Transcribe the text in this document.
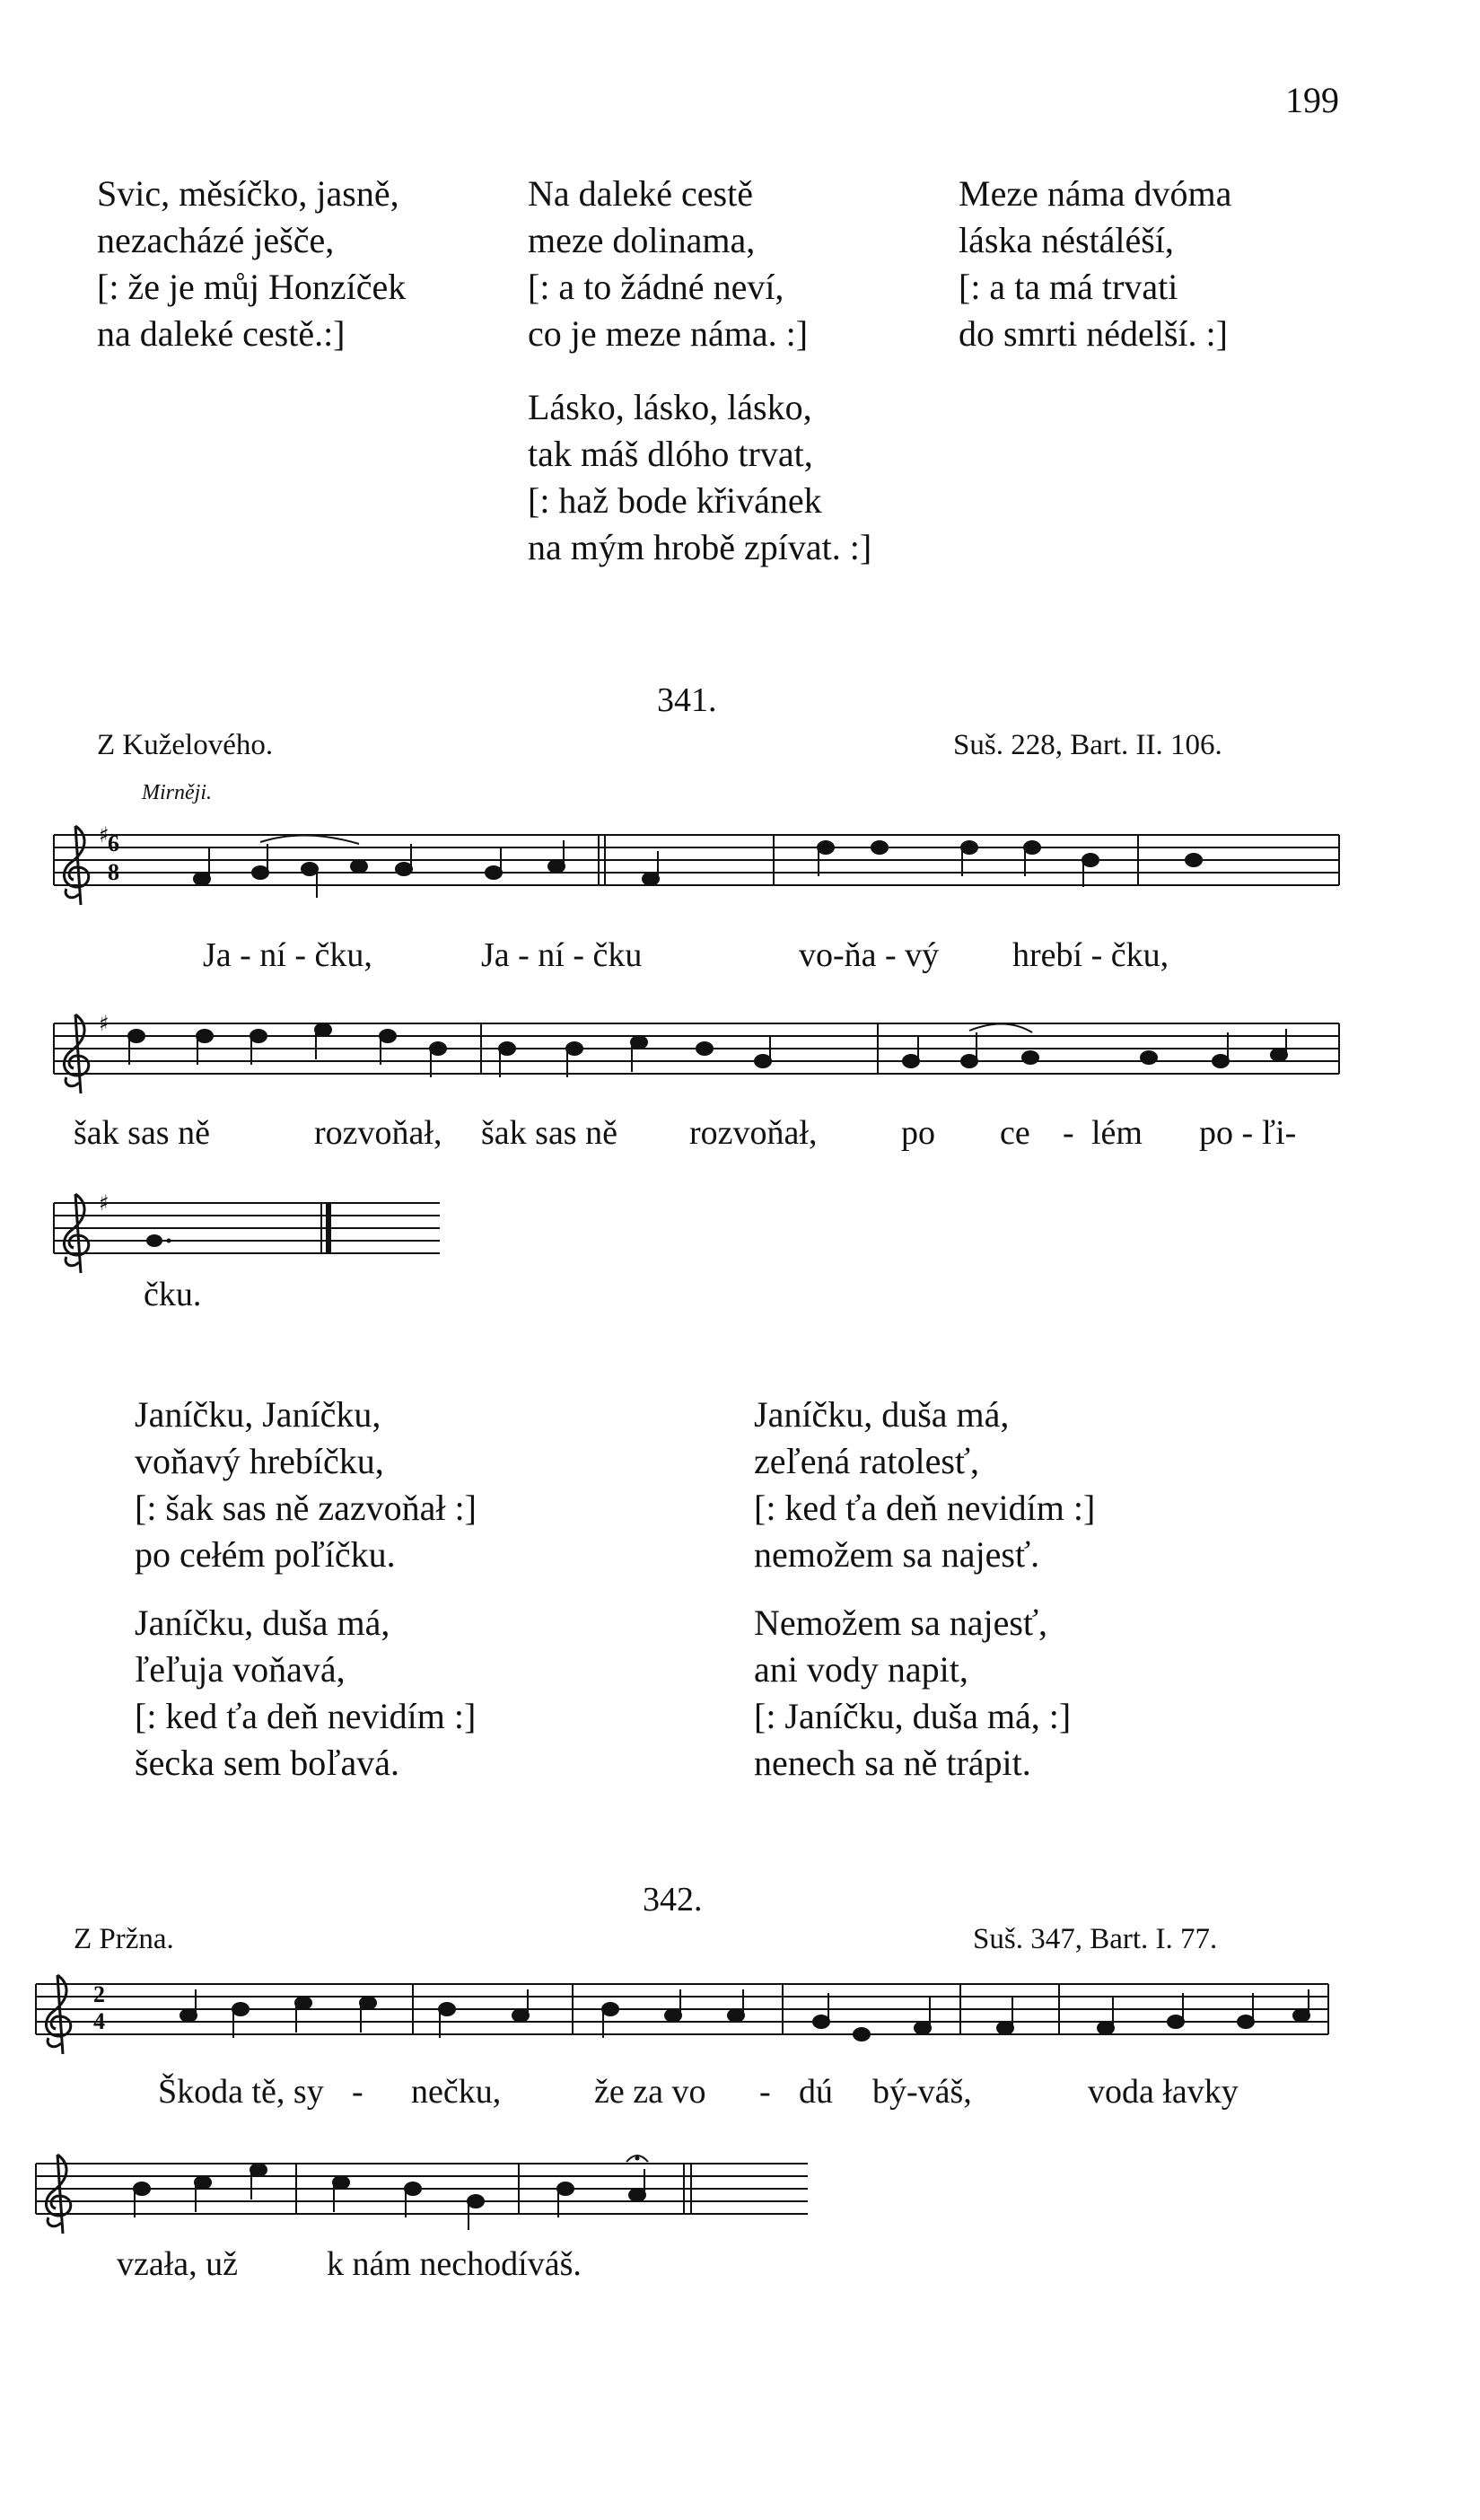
199
Svic, měsíčko, jasně,
nezacházé ješče,
[: že je můj Honzíček
na daleké cestě.:]
Na daleké cestě
meze dolinama,
[: a to žádné neví,
co je meze náma. :]
Meze náma dvóma
láska néstáléší,
[: a ta má trvati
do smrti nédelší. :]
Lásko, lásko, lásko,
tak máš dlóho trvat,
[: haž bode křivánek
na mým hrobě zpívat. :]
341.
Z Kuželového.	Suš. 228, Bart. II. 106.
Mirněji.
6
8
♯
Ja - ní - čku,	Ja - ní - čku	vo-ňa - vý hrebí - čku,
♯
šak sas ně	rozvoňał, šak sas ně rozvoňał, po ce - lém po - ľi-
♯
čku.
Janíčku, Janíčku,
voňavý hrebíčku,
[: šak sas ně zazvoňał :]
po cełém poľíčku.
Janíčku, duša má,
zeľená ratolesť,
[: ked ťa deň nevidím :]
nemožem sa najesť.
Janíčku, duša má,
ľeľuja voňavá,
[: ked ťa deň nevidím :]
šecka sem boľavá.
Nemožem sa najesť,
ani vody napit,
[: Janíčku, duša má, :]
nenech sa ně trápit.
342.
Z Pržna.	Suš. 347, Bart. I. 77.
2
4
Škoda tě, sy - nečku,	že za vo - dú bý-váš,	voda łavky
vzała, už	k nám nechodíváš.
